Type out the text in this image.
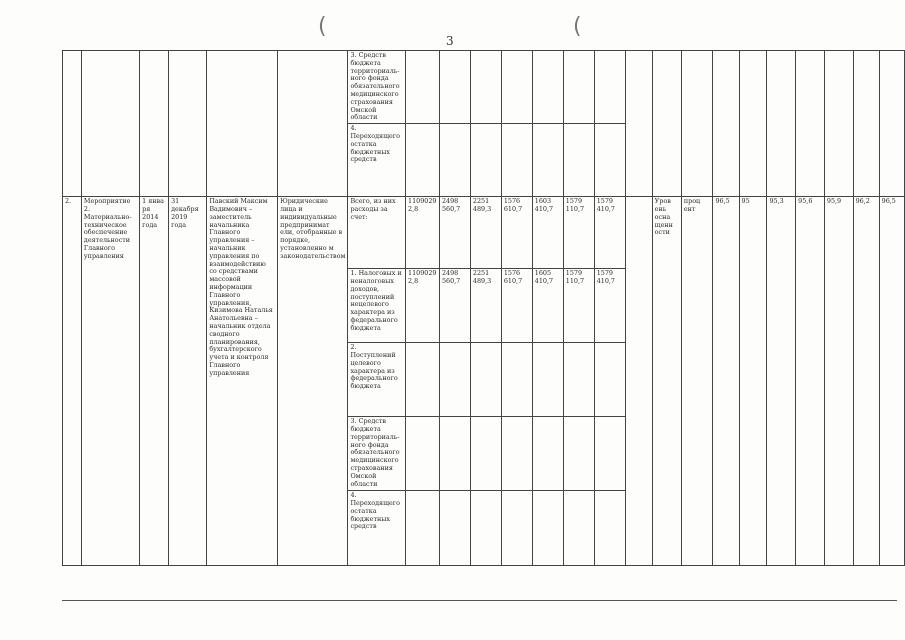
(	(
3
						3. Средств бюджета территориаль-ного фонда обязательного медицинского страхования Омской области																	
						4. Переходящего остатка бюджетных средств																	
2.	Мероприятие 2. Материально-техническое обеспечение деятельности Главного управления	1 янва ря 2014 года	31 декабря 2019 года	Павский Максим Вадимович – заместитель начальника Главного управления – начальник управления по взаимодействию со средствами массовой информации Главного управления, Кизимова Наталья Анатольевна – начальник отдела сводного планирования, бухгалтерского учета и контроля Главного управления	Юридические лица и индивидуальные предпринимат ели, отобранные в порядке, установленно м законодательством	Всего, из них расходы за счет:	1109029 2,8	2498 560,7	2251 489,3	1576 610,7	1603 410,7	1579 110,7	1579 410,7		Уров ень осна щенн ости	проц ент	96,5	95	95,3	95,6	95,9	96,2	96,5
						1. Налоговых и неналоговых доходов, поступлений нецелевого характера из федерального бюджета	1109029 2,8	2498 560,7	2251 489,3	1576 610,7	1605 410,7	1579 110,7	1579 410,7										
						2. Поступлений целевого характера из федерального бюджета																	
						3. Средств бюджета территориаль-ного фонда обязательного медицинского страхования Омской области																	
						4. Переходящего остатка бюджетных средств																	
